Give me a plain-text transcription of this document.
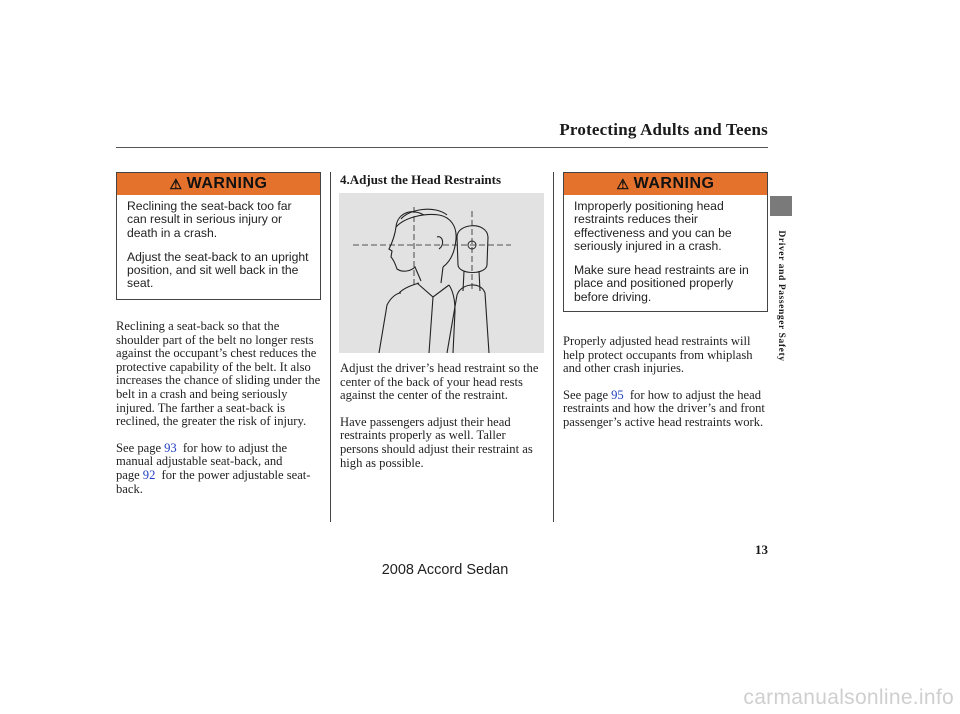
Protecting Adults and Teens
⚠ WARNING

Reclining the seat-back too far can result in serious injury or death in a crash.

Adjust the seat-back to an upright position, and sit well back in the seat.

Reclining a seat-back so that the shoulder part of the belt no longer rests against the occupant’s chest reduces the protective capability of the belt. It also increases the chance of sliding under the belt in a crash and being seriously injured. The farther a seat-back is reclined, the greater the risk of injury.

See page 93 for how to adjust the manual adjustable seat-back, and page 92 for the power adjustable seat-back.

4.Adjust the Head Restraints

Adjust the driver’s head restraint so the center of the back of your head rests against the center of the restraint.

Have passengers adjust their head restraints properly as well. Taller persons should adjust their restraint as high as possible.

⚠ WARNING

Improperly positioning head restraints reduces their effectiveness and you can be seriously injured in a crash.

Make sure head restraints are in place and positioned properly before driving.

Properly adjusted head restraints will help protect occupants from whiplash and other crash injuries.

See page 95 for how to adjust the head restraints and how the driver’s and front passenger’s active head restraints work.

Driver and Passenger Safety
13
2008 Accord Sedan
carmanualsonline.info
